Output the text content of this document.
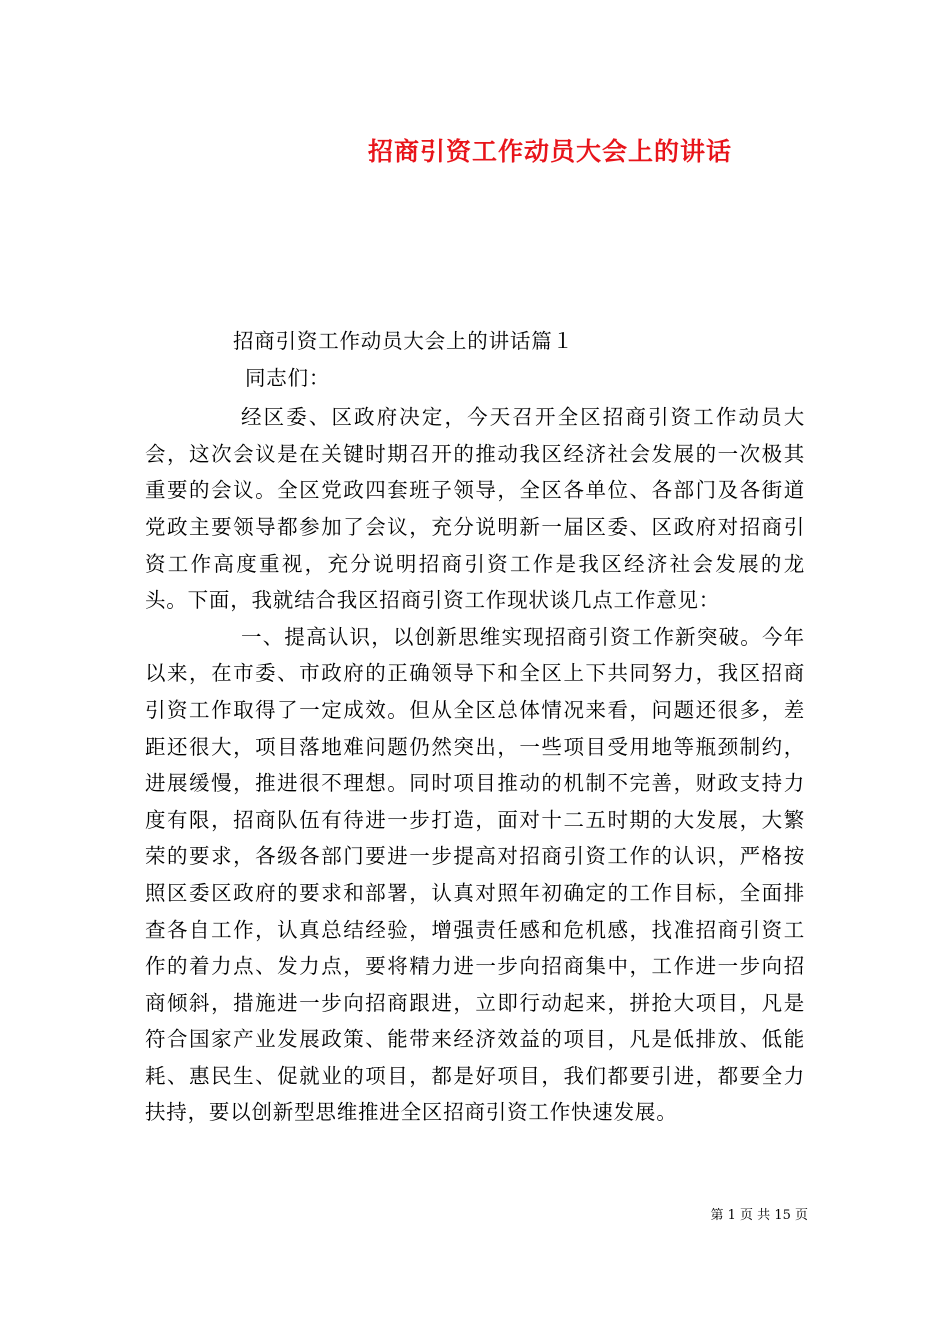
招商引资工作动员大会上的讲话

招商引资工作动员大会上的讲话篇１

同志们：

经区委、区政府决定，今天召开全区招商引资工作动员大会，这次会议是在关键时期召开的推动我区经济社会发展的一次极其重要的会议。全区党政四套班子领导，全区各单位、各部门及各街道党政主要领导都参加了会议，充分说明新一届区委、区政府对招商引资工作高度重视，充分说明招商引资工作是我区经济社会发展的龙头。下面，我就结合我区招商引资工作现状谈几点工作意见：

一、提高认识，以创新思维实现招商引资工作新突破。今年以来，在市委、市政府的正确领导下和全区上下共同努力，我区招商引资工作取得了一定成效。但从全区总体情况来看，问题还很多，差距还很大，项目落地难问题仍然突出，一些项目受用地等瓶颈制约，进展缓慢，推进很不理想。同时项目推动的机制不完善，财政支持力度有限，招商队伍有待进一步打造，面对十二五时期的大发展，大繁荣的要求，各级各部门要进一步提高对招商引资工作的认识，严格按照区委区政府的要求和部署，认真对照年初确定的工作目标，全面排查各自工作，认真总结经验，增强责任感和危机感，找准招商引资工作的着力点、发力点，要将精力进一步向招商集中，工作进一步向招商倾斜，措施进一步向招商跟进，立即行动起来，拼抢大项目，凡是符合国家产业发展政策、能带来经济效益的项目，凡是低排放、低能耗、惠民生、促就业的项目，都是好项目，我们都要引进，都要全力扶持，要以创新型思维推进全区招商引资工作快速发展。

第 1 页 共 15 页
